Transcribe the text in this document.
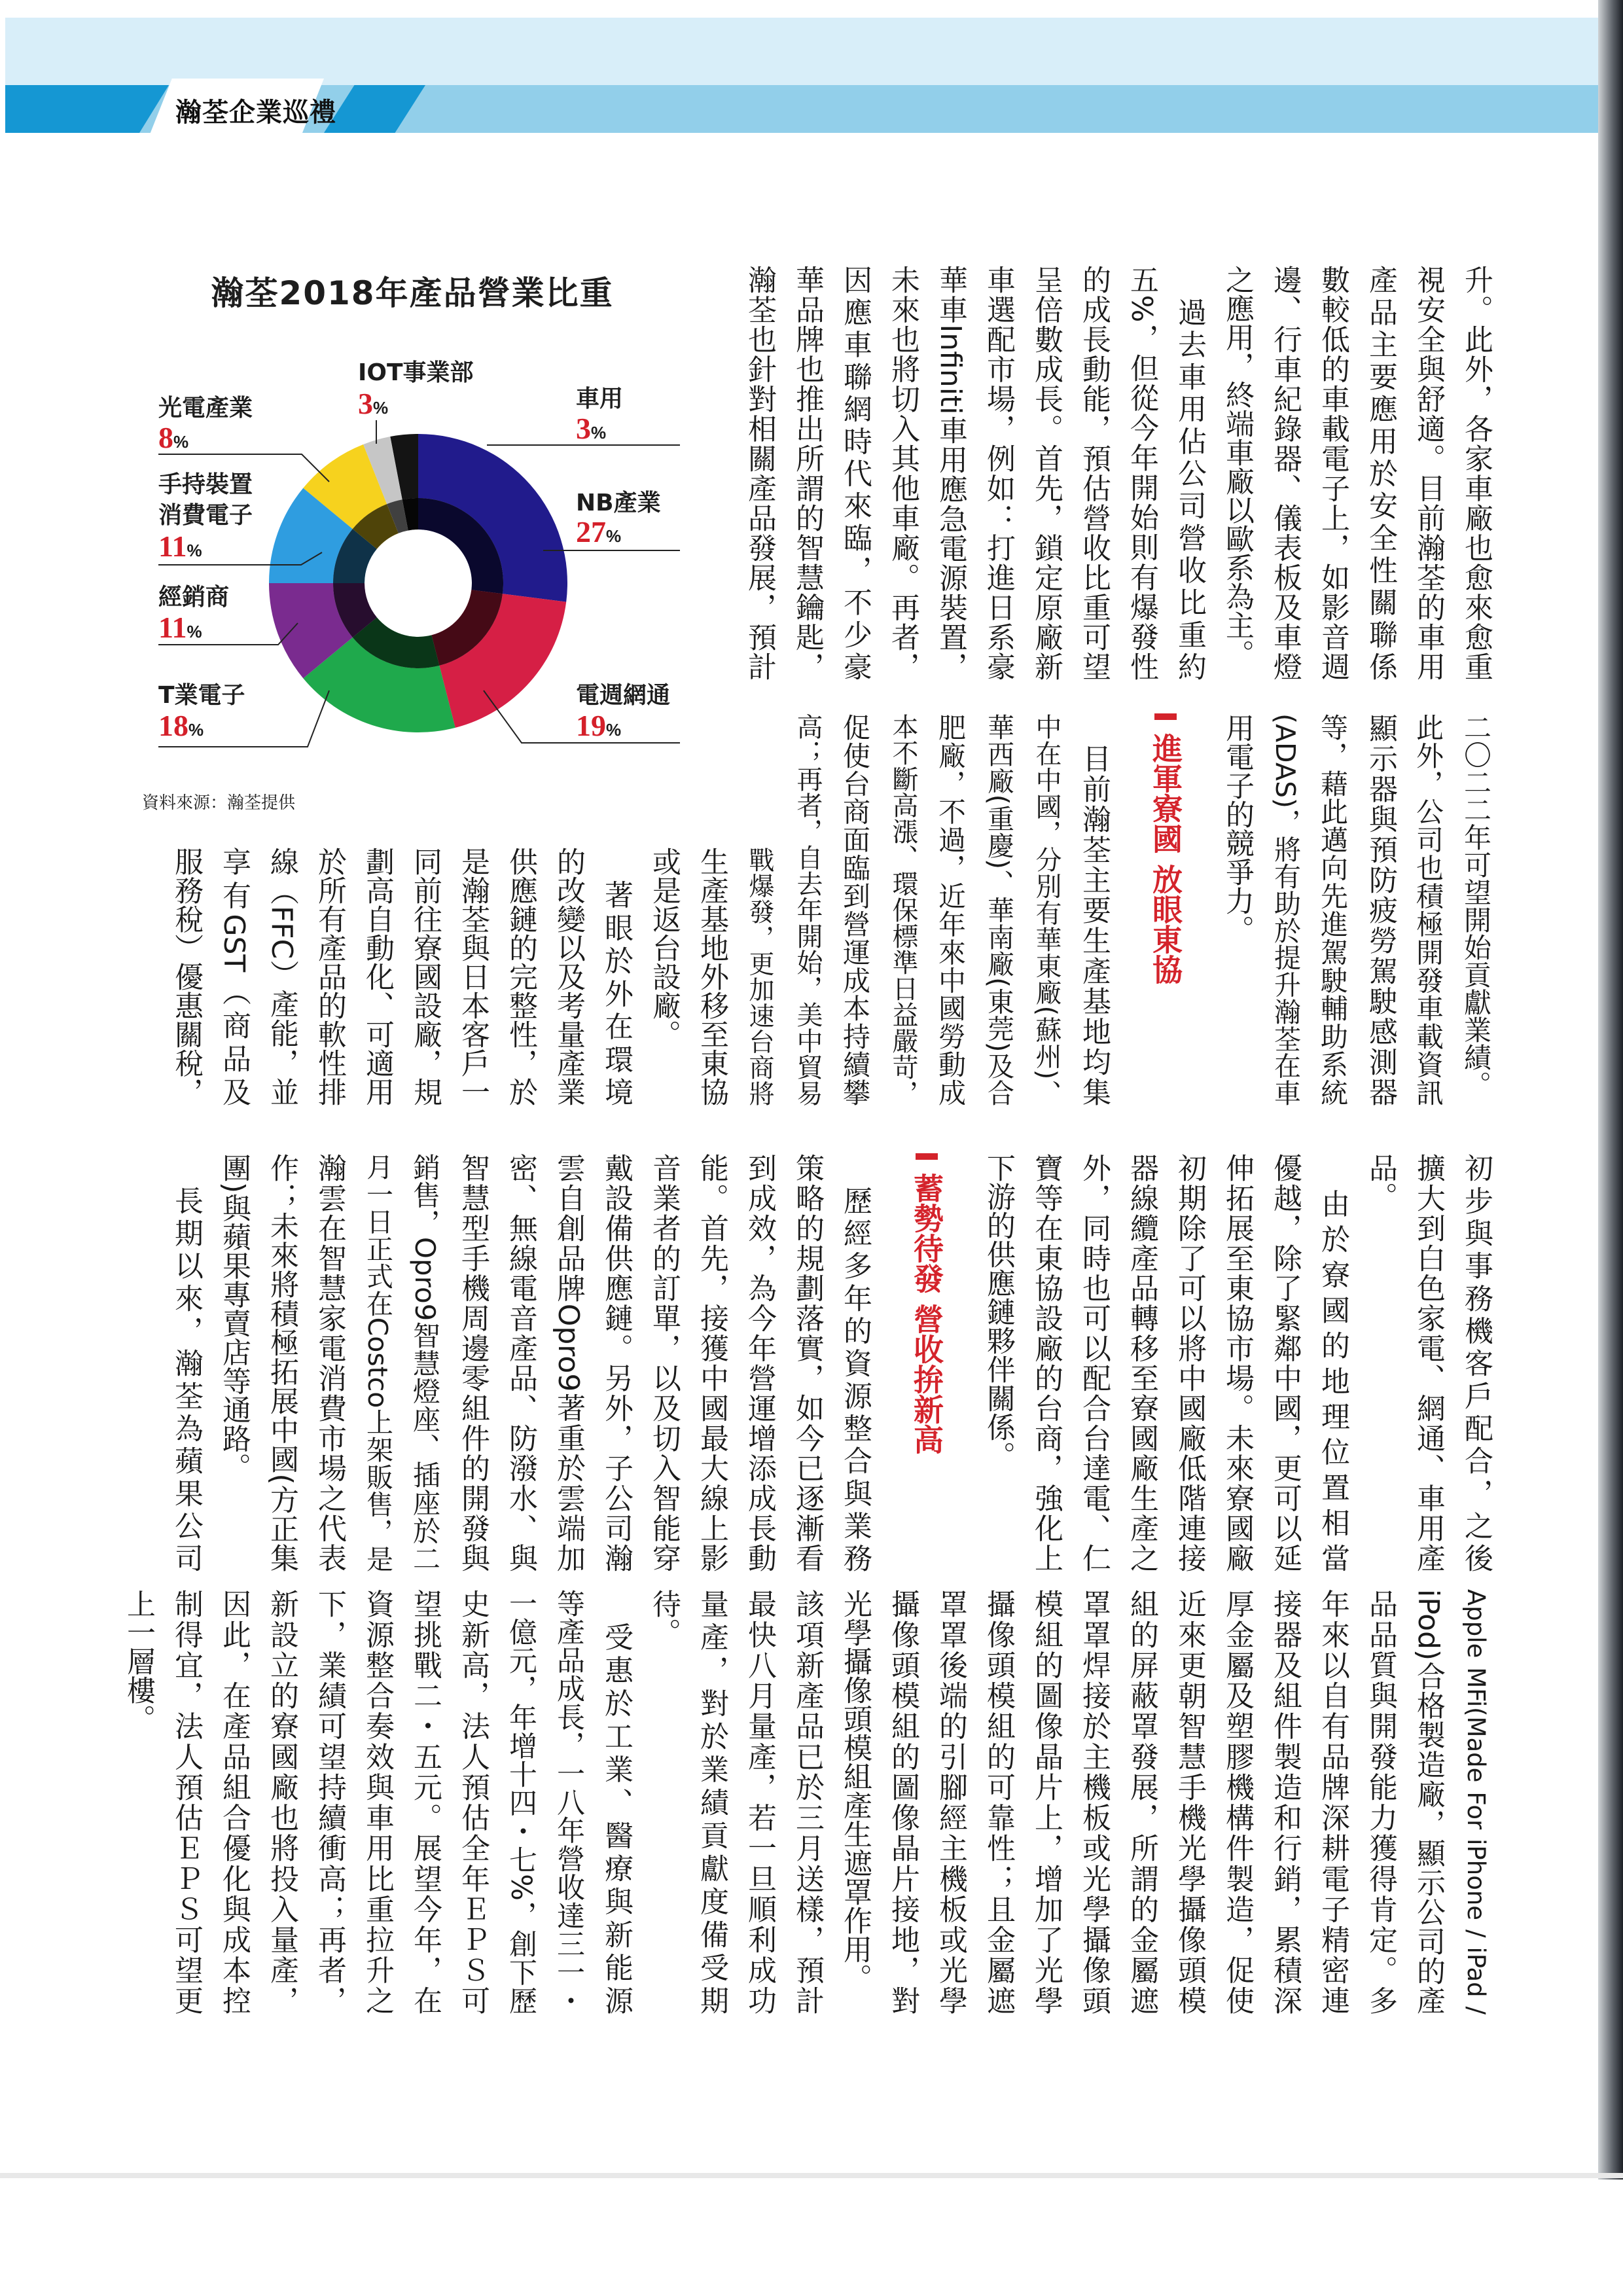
瀚荃企業巡禮
瀚荃2018年產品營業比重
車用
3%
NB產業
27%
電週網通
19%
T業電子
18%
經銷商
11%
手持裝置
消費電子
11%
光電產業
8%
IOT事業部
3%
資料來源：瀚荃提供

升。此外，各家車廠也愈來愈重

視安全與舒適。目前瀚荃的車用

產品主要應用於安全性關聯係

數較低的車載電子上，如影音週

邊、行車紀錄器、儀表板及車燈

之應用，終端車廠以歐系為主。

　過去車用佔公司營收比重約

五%，但從今年開始則有爆發性

的成長動能，預估營收比重可望

呈倍數成長。首先，鎖定原廠新

車選配市場，例如：打進日系豪

華車Infiniti車用應急電源裝置，

未來也將切入其他車廠。再者，

因應車聯網時代來臨，不少豪

華品牌也推出所謂的智慧鑰匙，

瀚荃也針對相關產品發展，預計

二〇二二年可望開始貢獻業績。

此外，公司也積極開發車載資訊

顯示器與預防疲勞駕駛感測器

等，藉此邁向先進駕駛輔助系統

(ADAS)，將有助於提升瀚荃在車

用電子的競爭力。

進軍寮國 放眼東協

　目前瀚荃主要生產基地均集

中在中國，分別有華東廠(蘇州)、

華西廠(重慶)、華南廠(東莞)及合

肥廠，不過，近年來中國勞動成

本不斷高漲、環保標準日益嚴苛，

促使台商面臨到營運成本持續攀

高；再者，自去年開始，美中貿易

戰爆發，更加速台商將

生產基地外移至東協

或是返台設廠。

　著眼於外在環境

的改變以及考量產業

供應鏈的完整性，於

是瀚荃與日本客戶一

同前往寮國設廠，規

劃高自動化、可適用

於所有產品的軟性排

線（FFC）產能，並

享有GST（商品及

服務稅）優惠關稅，

初步與事務機客戶配合，之後

擴大到白色家電、網通、車用產

品。

　由於寮國的地理位置相當

優越，除了緊鄰中國，更可以延

伸拓展至東協市場。未來寮國廠

初期除了可以將中國廠低階連接

器線纜產品轉移至寮國廠生產之

外，同時也可以配合台達電、仁

寶等在東協設廠的台商，強化上

下游的供應鏈夥伴關係。

蓄勢待發 營收拚新高

　歷經多年的資源整合與業務

策略的規劃落實，如今已逐漸看

到成效，為今年營運增添成長動

能。首先，接獲中國最大線上影

音業者的訂單，以及切入智能穿

戴設備供應鏈。另外，子公司瀚

雲自創品牌Opro9著重於雲端加

密、無線電音產品、防潑水、與

智慧型手機周邊零組件的開發與

銷售，Opro9智慧燈座、插座於二

月一日正式在Costco上架販售，是

瀚雲在智慧家電消費市場之代表

作；未來將積極拓展中國(方正集

團)與蘋果專賣店等通路。

　長期以來，瀚荃為蘋果公司

Apple MFi(Made For iPhone / iPad /

iPod)合格製造廠，顯示公司的產

品品質與開發能力獲得肯定。多

年來以自有品牌深耕電子精密連

接器及組件製造和行銷，累積深

厚金屬及塑膠機構件製造，促使

近來更朝智慧手機光學攝像頭模

組的屏蔽罩發展，所謂的金屬遮

罩罩焊接於主機板或光學攝像頭

模組的圖像晶片上，增加了光學

攝像頭模組的可靠性；且金屬遮

罩罩後端的引腳經主機板或光學

攝像頭模組的圖像晶片接地，對

光學攝像頭模組產生遮罩作用。

該項新產品已於三月送樣，預計

最快八月量產，若一旦順利成功

量產，對於業績貢獻度備受期

待。

　受惠於工業、醫療與新能源

等產品成長，一八年營收達三一・

一億元，年增十四・七%，創下歷

史新高，法人預估全年ＥＰＳ可

望挑戰二・五元。展望今年，在

資源整合奏效與車用比重拉升之

下，業績可望持續衝高；再者，

新設立的寮國廠也將投入量產，

因此，在產品組合優化與成本控

制得宜，法人預估ＥＰＳ可望更

上一層樓。
